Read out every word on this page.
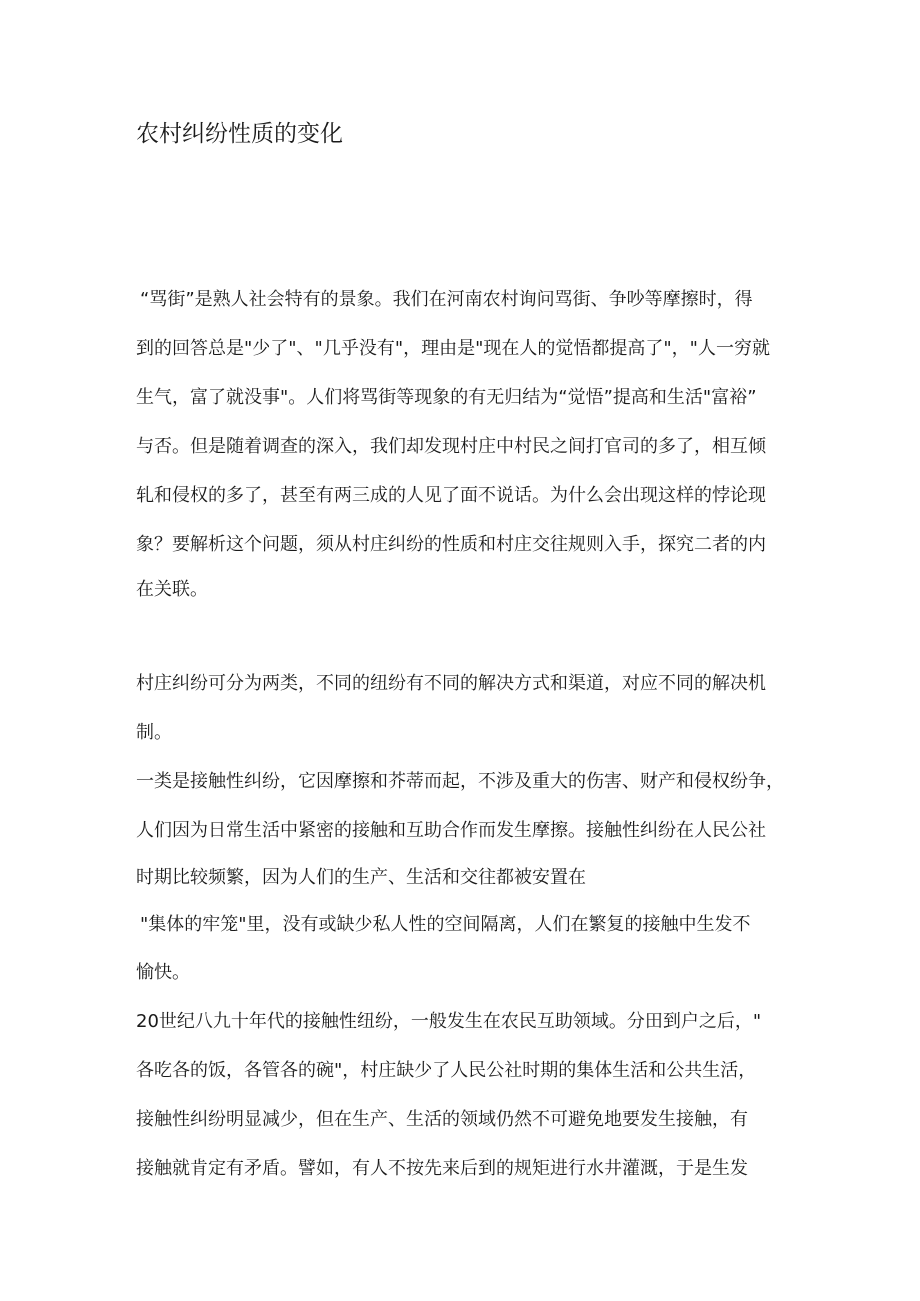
农村纠纷性质的变化

“骂街”是熟人社会特有的景象。我们在河南农村询问骂街、争吵等摩擦时，得

到的回答总是"少了"、"几乎没有"，理由是"现在人的觉悟都提高了"，"人一穷就

生气，富了就没事"。人们将骂街等现象的有无归结为“觉悟”提高和生活"富裕”

与否。但是随着调查的深入，我们却发现村庄中村民之间打官司的多了，相互倾

轧和侵权的多了，甚至有两三成的人见了面不说话。为什么会出现这样的悖论现

象？要解析这个问题，须从村庄纠纷的性质和村庄交往规则入手，探究二者的内

在关联。

村庄纠纷可分为两类，不同的纽纷有不同的解决方式和渠道，对应不同的解决机

制。

一类是接触性纠纷，它因摩擦和芥蒂而起，不涉及重大的伤害、财产和侵权纷争，

人们因为日常生活中紧密的接触和互助合作而发生摩擦。接触性纠纷在人民公社

时期比较频繁，因为人们的生产、生活和交往都被安置在

"集体的牢笼"里，没有或缺少私人性的空间隔离，人们在繁复的接触中生发不

愉快。

20世纪八九十年代的接触性纽纷，一般发生在农民互助领域。分田到户之后，"

各吃各的饭，各管各的碗"，村庄缺少了人民公社时期的集体生活和公共生活，

接触性纠纷明显减少，但在生产、生活的领域仍然不可避免地要发生接触，有

接触就肯定有矛盾。譬如，有人不按先来后到的规矩进行水井灌溉，于是生发
